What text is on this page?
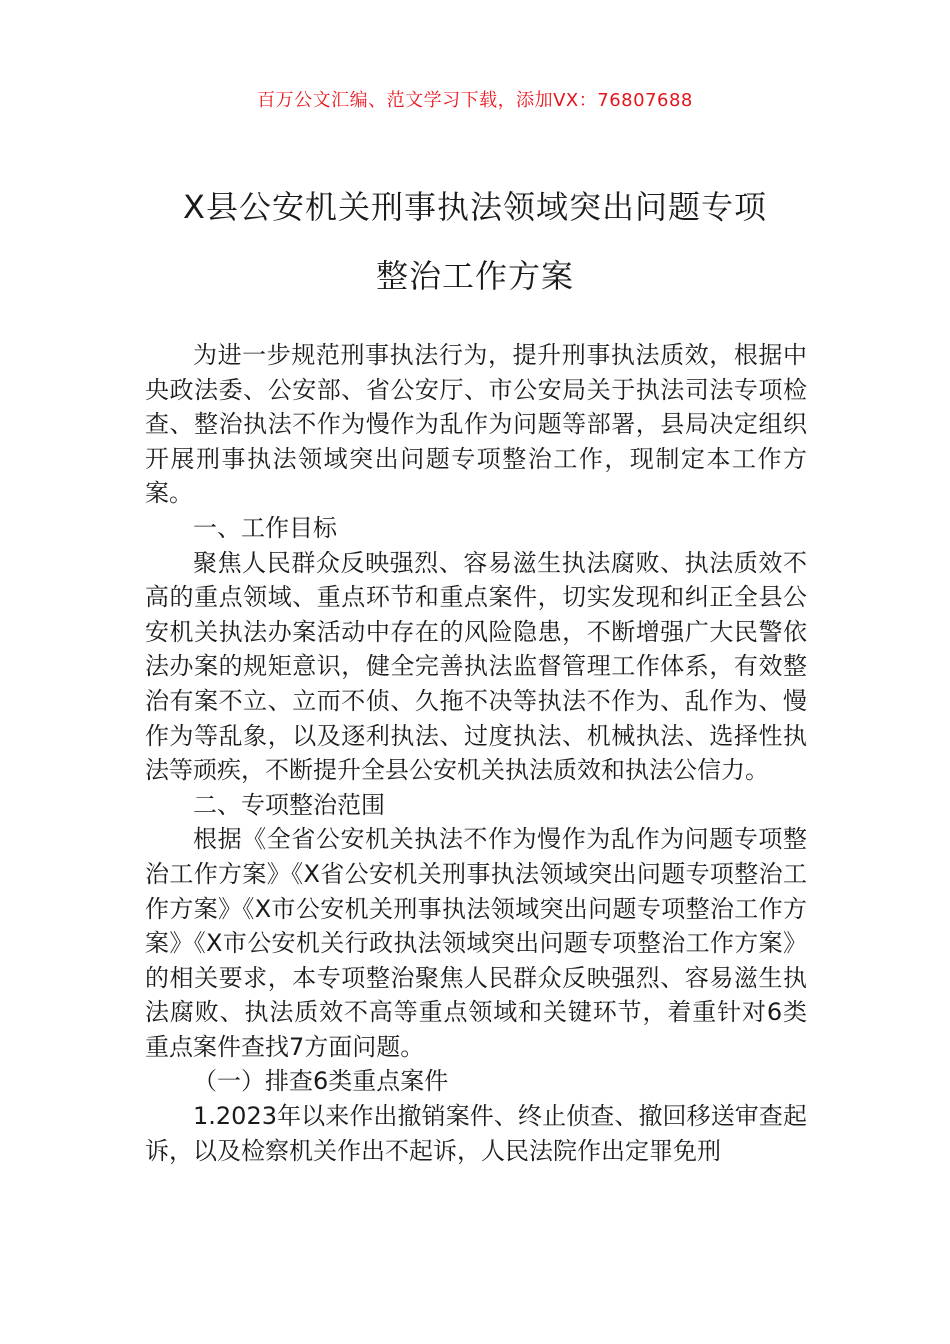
百万公文汇编、范文学习下载，添加VX：76807688
X县公安机关刑事执法领域突出问题专项
整治工作方案

为进一步规范刑事执法行为，提升刑事执法质效，根据中央政法委、公安部、省公安厅、市公安局关于执法司法专项检查、整治执法不作为慢作为乱作为问题等部署，县局决定组织开展刑事执法领域突出问题专项整治工作，现制定本工作方案。

一、工作目标

聚焦人民群众反映强烈、容易滋生执法腐败、执法质效不高的重点领域、重点环节和重点案件，切实发现和纠正全县公安机关执法办案活动中存在的风险隐患，不断增强广大民警依法办案的规矩意识，健全完善执法监督管理工作体系，有效整治有案不立、立而不侦、久拖不决等执法不作为、乱作为、慢作为等乱象，以及逐利执法、过度执法、机械执法、选择性执法等顽疾，不断提升全县公安机关执法质效和执法公信力。

二、专项整治范围

根据《全省公安机关执法不作为慢作为乱作为问题专项整治工作方案》《X省公安机关刑事执法领域突出问题专项整治工作方案》《X市公安机关刑事执法领域突出问题专项整治工作方案》《X市公安机关行政执法领域突出问题专项整治工作方案》的相关要求，本专项整治聚焦人民群众反映强烈、容易滋生执法腐败、执法质效不高等重点领域和关键环节，着重针对6类重点案件查找7方面问题。

（一）排查6类重点案件

1.2023年以来作出撤销案件、终止侦查、撤回移送审查起诉，以及检察机关作出不起诉，人民法院作出定罪免刑
